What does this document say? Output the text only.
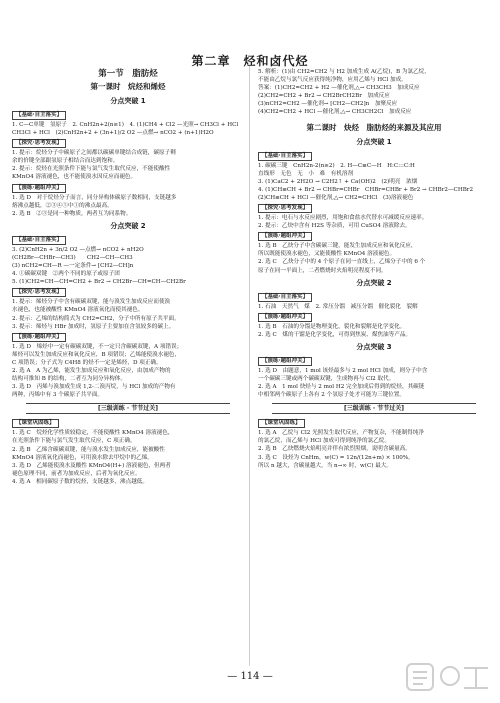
第二章　烃和卤代烃
第一节　脂肪烃
第一课时　烷烃和烯烃
分点突破 1
【基础·自主落实】
1. C—C单键　氢原子　2. CnH2n+2(n≥1)　4. (1)CH4 + Cl2 —光照→ CH3Cl + HCl
CH3Cl + HCl　(2)CnH2n+2 + (3n+1)/2 O2 —点燃→ nCO2 + (n+1)H2O
【探究·思考发现】
1. 提示：烷烃分子中碳原子之间都以碳碳单键结合成链，碳原子剩
余的价键全部跟氢原子相结合而达到饱和。
2. 提示：烷烃在光照条件下能与氯气发生取代反应，不能使酸性
KMnO4 溶液褪色，也不能使溴水因反应而褪色。
【演练·题组冲关】
1. 选 D　对于烷烃分子而言，同分异构体碳原子数相同，支链越多
熔沸点越低，②③④⑤中①的沸点最高。
2. 选 B　②③是同一种物质，两者互为同系物。
分点突破 2
【基础·自主落实】
3. (2)CnH2n + 3n/2 O2 —点燃→ nCO2 + nH2O
(CH2Br—CHBr—CH3)　　CH2—CH—CH3
(3) nCH2=CH—R —一定条件→ [CH2—CH]n
4. ①碳碳双键　②两个不同的原子或原子团
5. (1)CH2=CH—CH=CH2 + Br2 → CH2Br—CH=CH—CH2Br
【探究·思考发现】
1. 提示：烯烃分子中含有碳碳双键，能与溴发生加成反应而使溴
水褪色，也能被酸性 KMnO4 溶液氧化而使其褪色。
2. 提示：乙烯的结构简式为 CH2=CH2，分子中所有原子共平面。
3. 提示：烯烃与 HBr 加成时，氢原子主要加在含氢较多的碳上。
【演练·题组冲关】
1. 选 D　烯烃中一定有碳碳双键，不一定只含碳碳双键，A 项错误；
烯烃可以发生加成反应和氧化反应，B 项错误；乙烯能使溴水褪色，
C 项错误；分子式为 C4H8 的烃不一定是烯烃，D 项正确。
2. 选 A　A 为乙烯，能发生加成反应和氧化反应，由加成产物的
结构可推知 B 的结构，二者互为同分异构体。
3. 选 D　丙烯与溴加成生成 1,2-二溴丙烷，与 HCl 加成的产物有
两种，丙烯中有 3 个碳原子共平面。
[三级训练 · 节节过关]
【课堂巩固练】
1. 选 C　烷烃化学性质较稳定，不能使酸性 KMnO4 溶液褪色，
在光照条件下能与氯气发生取代反应，C 项正确。
2. 选 B　乙烯含碳碳双键，能与溴水发生加成反应，能被酸性
KMnO4 溶液氧化而褪色，可用溴水除去甲烷中的乙烯。
3. 选 D　乙烯能使溴水及酸性 KMnO4(H+) 溶液褪色，但两者
褪色原理不同，前者为加成反应，后者为氧化反应。
4. 选 A　相同碳原子数的烷烃，支链越多，沸点越低。
5. 解析：(1)由 CH2=CH2 与 H2 加成生成 A(乙烷)，B 为氯乙烷，
不能由乙烷与氯气反应获得纯净物，应用乙烯与 HCl 加成。
答案：(1)CH2=CH2 + H2 —催化剂,△→ CH3CH3　加成反应
(2)CH2=CH2 + Br2 → CH2BrCH2Br　加成反应
(3)nCH2=CH2 —催化剂→ [CH2—CH2]n　加聚反应
(4)CH2=CH2 + HCl —催化剂,△→ CH3CH2Cl　加成反应
第二课时　炔烃　脂肪烃的来源及其应用
分点突破 1
【基础·自主落实】
1. 碳碳三键　CnH2n-2(n≥2)　2. H—C≡C—H　H:C:::C:H
直线形　无色　无　小　难　有机溶剂
3. (1)CaC2 + 2H2O → C2H2↑ + Ca(OH)2　(2)明亮　浓烟
4. (1)CH≡CH + Br2 → CHBr=CHBr　CHBr=CHBr + Br2 → CHBr2—CHBr2
(2)CH≡CH + HCl —催化剂,△→ CH2=CHCl　(3)溶液褪色
【探究·思考发现】
1. 提示：电石与水反应剧烈，用饱和食盐水代替水可减缓反应速率。
2. 提示：乙炔中含有 H2S 等杂质，可用 CuSO4 溶液除去。
【演练·题组冲关】
1. 选 B　乙炔分子中含碳碳三键，能发生加成反应和氧化反应，
所以既能使溴水褪色，又能使酸性 KMnO4 溶液褪色。
2. 选 C　乙炔分子中的 4 个原子在同一直线上，乙烯分子中的 6 个
原子在同一平面上，二者燃烧时火焰明亮程度不同。
分点突破 2
【基础·自主落实】
1. 石油　天然气　煤　2. 常压分馏　减压分馏　催化裂化　裂解
【演练·题组冲关】
1. 选 B　石油的分馏是物理变化，裂化和裂解是化学变化。
2. 选 C　煤的干馏是化学变化，可得到焦炭、煤焦油等产品。
分点突破 3
【演练·题组冲关】
1. 选 D　由题意，1 mol 该烃最多与 2 mol HCl 加成，则分子中含
一个碳碳三键或两个碳碳双键，生成物再与 Cl2 取代。
2. 选 A　1 mol 炔烃与 2 mol H2 完全加成后得到的烷烃，其碳链
中相邻两个碳原子上各有 2 个氢原子处才可能为三键位置。
[三级训练 · 节节过关]
【课堂巩固练】
1. 选 A　乙烷与 Cl2 光照发生取代反应，产物复杂，不能制得纯净
的氯乙烷，而乙烯与 HCl 加成可得到纯净的氯乙烷。
2. 选 B　乙炔燃烧火焰明亮并伴有浓烈黑烟，说明含碳量高。
3. 选 C　设烃为 CnHm，w(C) = 12n/(12n+m) × 100%，
所以 n 越大，含碳量越大，当 n→∞ 时，w(C) 最大。
— 114 —
